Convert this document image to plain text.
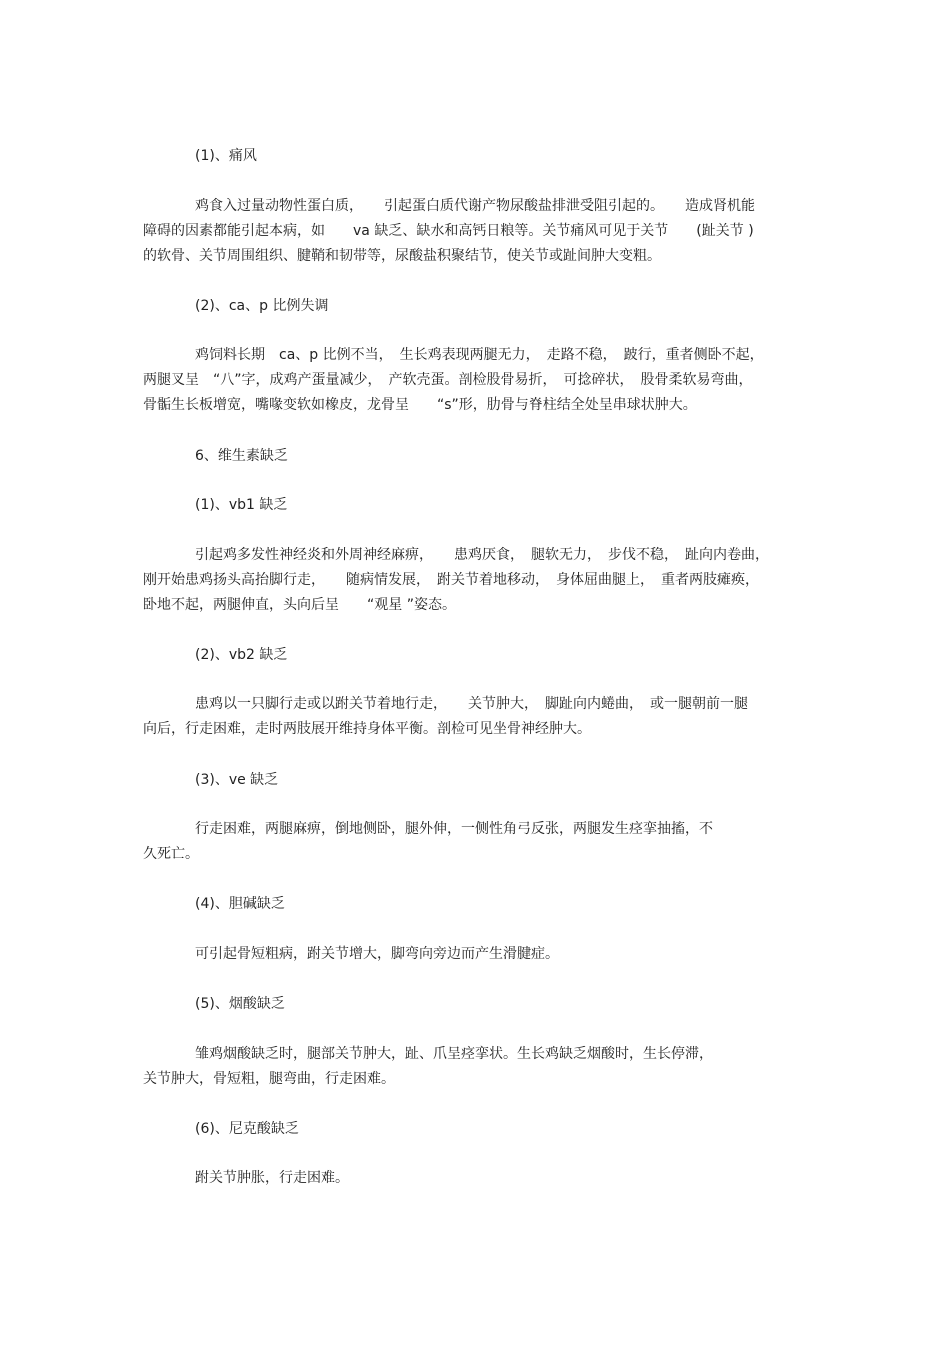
(1)、痛风
鸡食入过量动物性蛋白质，　　引起蛋白质代谢产物尿酸盐排泄受阻引起的。　　造成肾机能
障碍的因素都能引起本病，如　　va 缺乏、缺水和高钙日粮等。关节痛风可见于关节　　(趾关节 )
的软骨、关节周围组织、腱鞘和韧带等，尿酸盐积聚结节，使关节或趾间肿大变粗。
(2)、ca、p 比例失调
鸡饲料长期　ca、p 比例不当，　生长鸡表现两腿无力，　走路不稳，　跛行，重者侧卧不起，
两腿叉呈　“八”字，成鸡产蛋量减少，　产软壳蛋。剖检股骨易折，　可捻碎状，　股骨柔软易弯曲，
骨骺生长板增宽，嘴喙变软如橡皮，龙骨呈　　“s”形，肋骨与脊柱结全处呈串球状肿大。
6、维生素缺乏
(1)、vb1 缺乏
引起鸡多发性神经炎和外周神经麻痹，　　患鸡厌食，　腿软无力，　步伐不稳，　趾向内卷曲，
刚开始患鸡扬头高抬脚行走，　　随病情发展，　跗关节着地移动，　身体屈曲腿上，　重者两肢瘫痪，
卧地不起，两腿伸直，头向后呈　　“观星 ”姿态。
(2)、vb2 缺乏
患鸡以一只脚行走或以跗关节着地行走，　　关节肿大，　脚趾向内蜷曲，　或一腿朝前一腿
向后，行走困难，走时两肢展开维持身体平衡。剖检可见坐骨神经肿大。
(3)、ve 缺乏
行走困难，两腿麻痹，倒地侧卧，腿外伸，一侧性角弓反张，两腿发生痉挛抽搐，不
久死亡。
(4)、胆碱缺乏
可引起骨短粗病，跗关节增大，脚弯向旁边而产生滑腱症。
(5)、烟酸缺乏
雏鸡烟酸缺乏时，腿部关节肿大，趾、爪呈痉挛状。生长鸡缺乏烟酸时，生长停滞，
关节肿大，骨短粗，腿弯曲，行走困难。
(6)、尼克酸缺乏
跗关节肿胀，行走困难。
